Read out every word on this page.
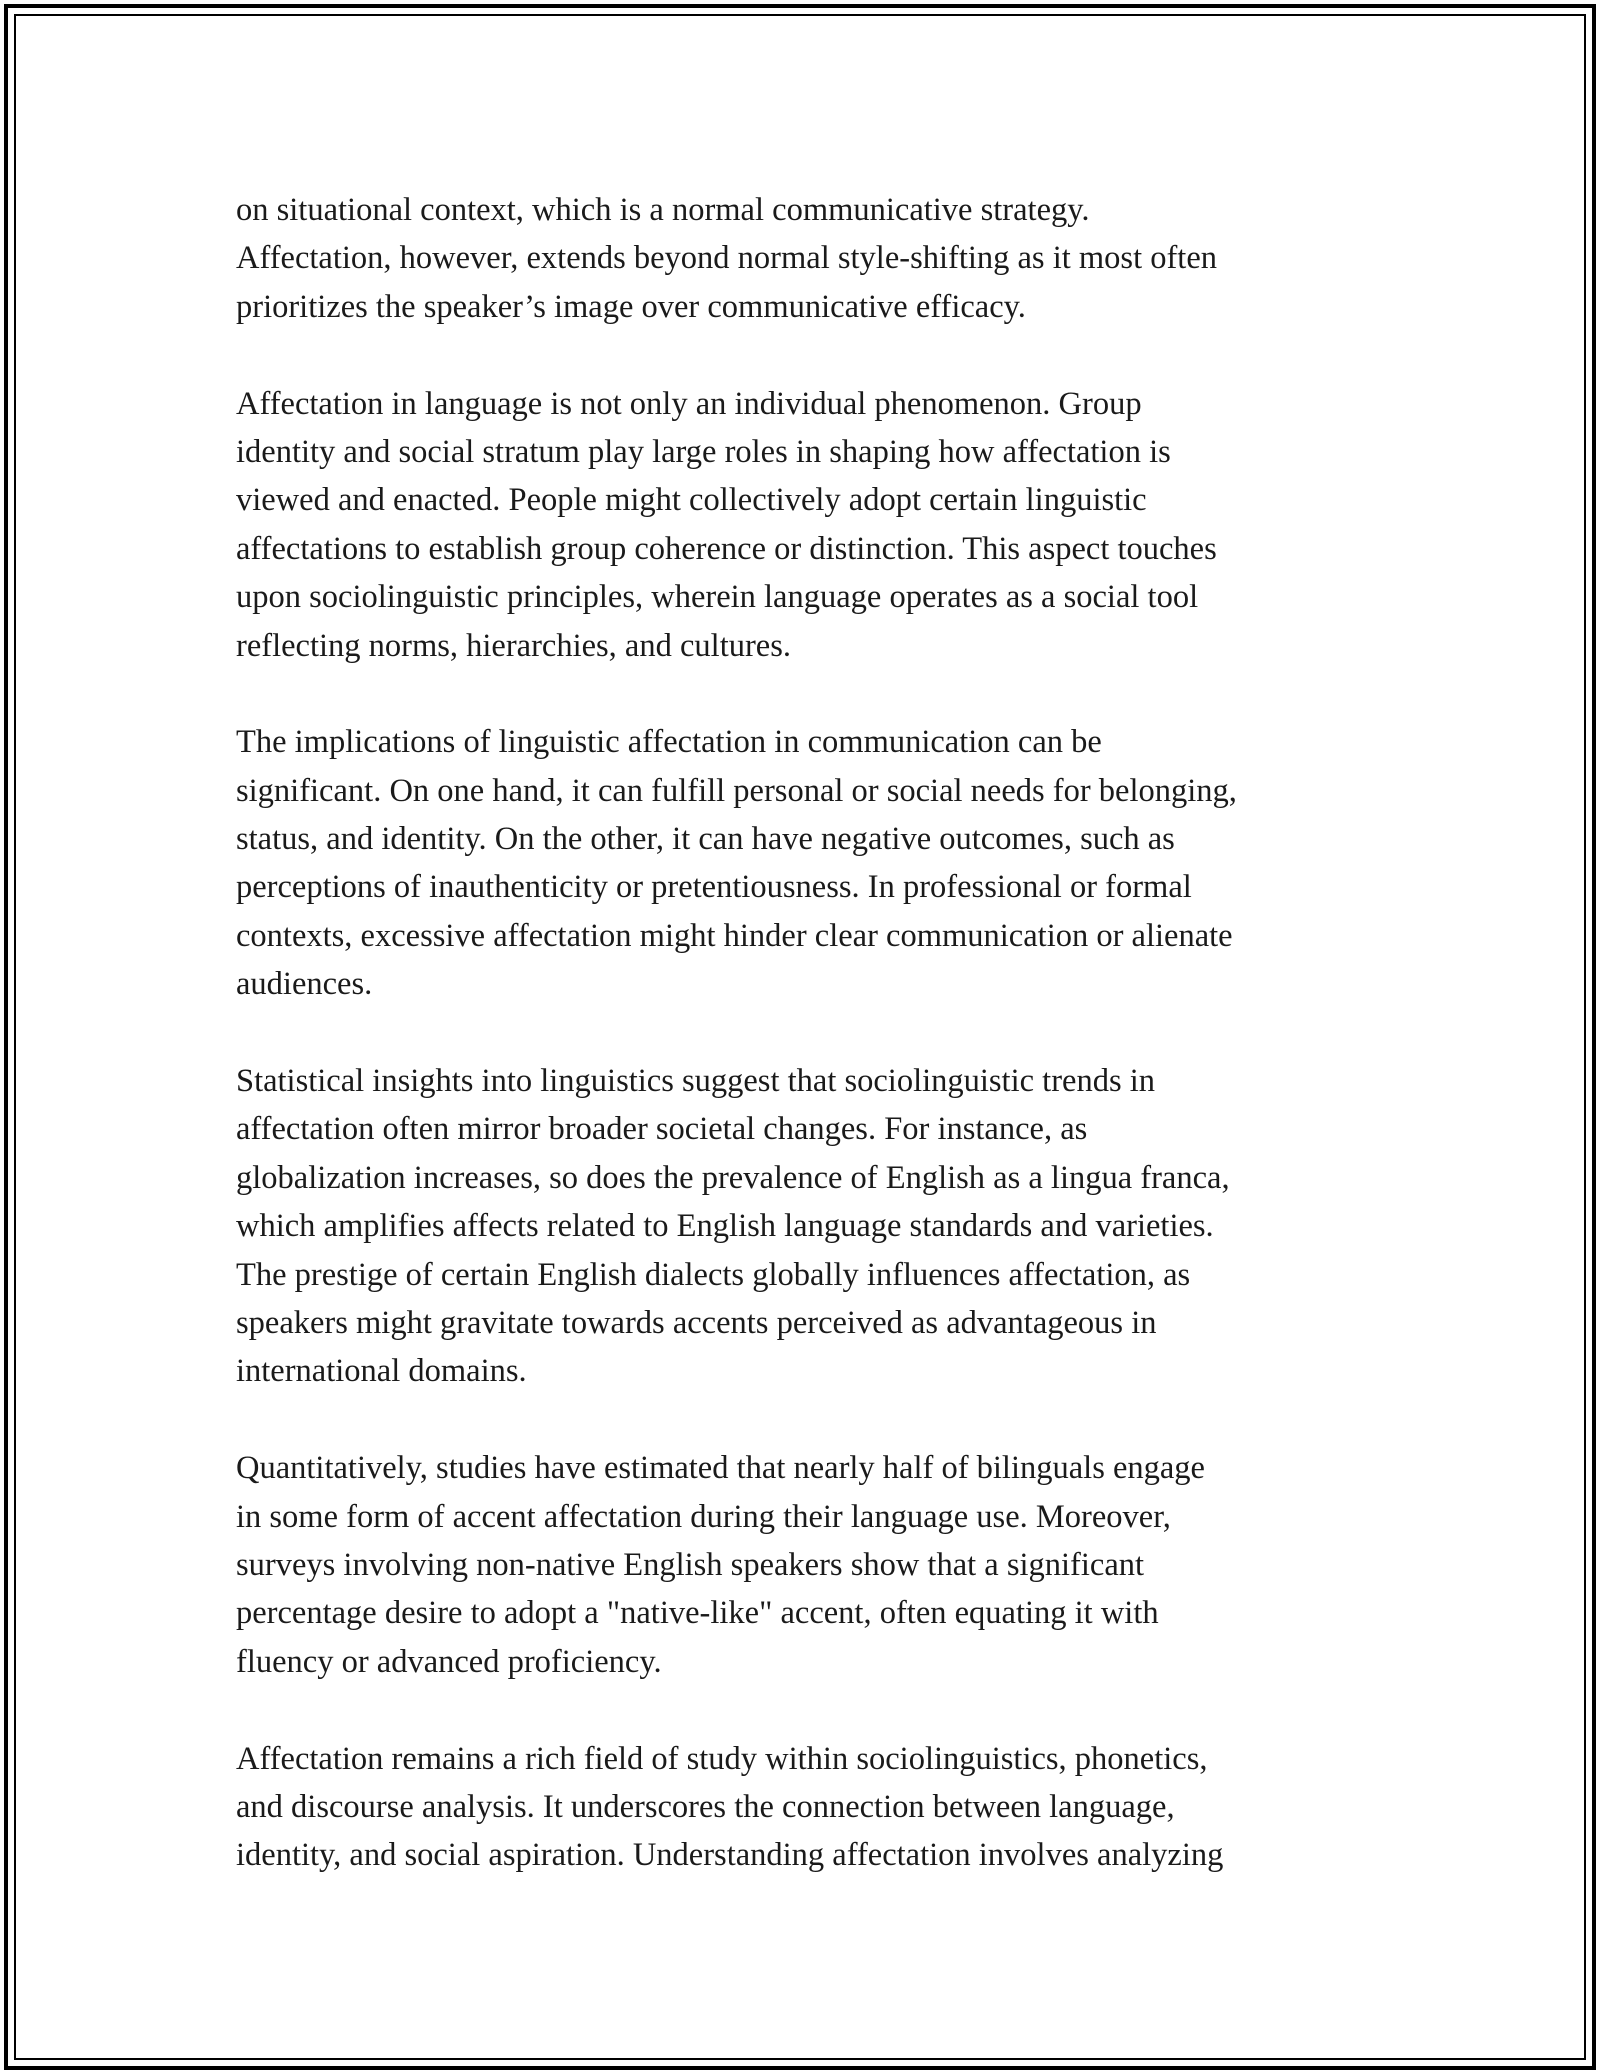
on situational context, which is a normal communicative strategy.
Affectation, however, extends beyond normal style-shifting as it most often
prioritizes the speaker’s image over communicative efficacy.
Affectation in language is not only an individual phenomenon. Group
identity and social stratum play large roles in shaping how affectation is
viewed and enacted. People might collectively adopt certain linguistic
affectations to establish group coherence or distinction. This aspect touches
upon sociolinguistic principles, wherein language operates as a social tool
reflecting norms, hierarchies, and cultures.
The implications of linguistic affectation in communication can be
significant. On one hand, it can fulfill personal or social needs for belonging,
status, and identity. On the other, it can have negative outcomes, such as
perceptions of inauthenticity or pretentiousness. In professional or formal
contexts, excessive affectation might hinder clear communication or alienate
audiences.
Statistical insights into linguistics suggest that sociolinguistic trends in
affectation often mirror broader societal changes. For instance, as
globalization increases, so does the prevalence of English as a lingua franca,
which amplifies affects related to English language standards and varieties.
The prestige of certain English dialects globally influences affectation, as
speakers might gravitate towards accents perceived as advantageous in
international domains.
Quantitatively, studies have estimated that nearly half of bilinguals engage
in some form of accent affectation during their language use. Moreover,
surveys involving non-native English speakers show that a significant
percentage desire to adopt a "native-like" accent, often equating it with
fluency or advanced proficiency.
Affectation remains a rich field of study within sociolinguistics, phonetics,
and discourse analysis. It underscores the connection between language,
identity, and social aspiration. Understanding affectation involves analyzing
